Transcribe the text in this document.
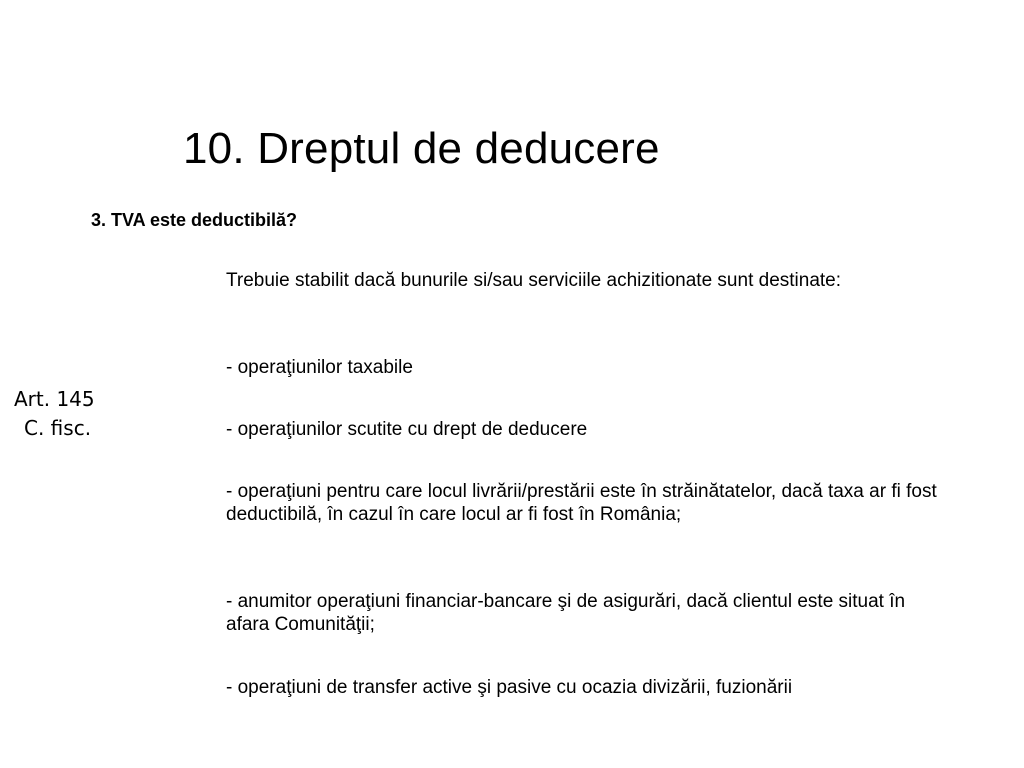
10. Dreptul de deducere

3. TVA este deductibilă?

Art. 145
C. fisc.

Trebuie stabilit dacă bunurile si/sau serviciile achizitionate sunt destinate:

- operaţiunilor taxabile

- operaţiunilor scutite cu drept de deducere

- operaţiuni pentru care locul livrării/prestării este în străinătatelor, dacă taxa ar fi fost deductibilă, în cazul în care locul ar fi fost în România;

- anumitor operaţiuni financiar-bancare şi de asigurări, dacă clientul este situat în afara Comunităţii;

- operaţiuni de transfer active şi pasive cu ocazia divizării, fuzionării
